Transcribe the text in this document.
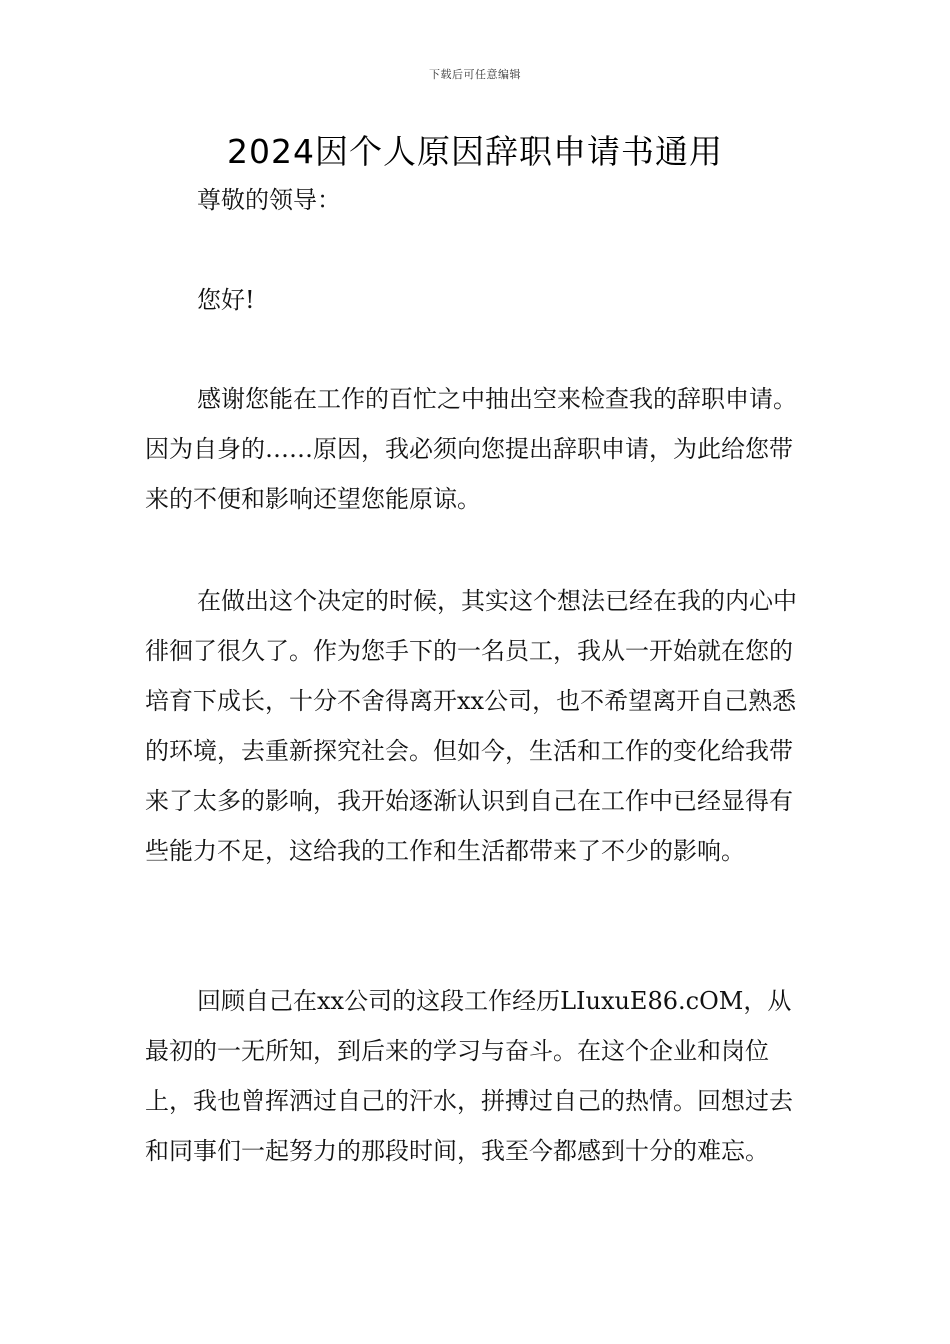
下载后可任意编辑
2024因个人原因辞职申请书通用

尊敬的领导：

您好!

感谢您能在工作的百忙之中抽出空来检查我的辞职申请。因为自身的……原因，我必须向您提出辞职申请，为此给您带来的不便和影响还望您能原谅。

在做出这个决定的时候，其实这个想法已经在我的内心中徘徊了很久了。作为您手下的一名员工，我从一开始就在您的培育下成长，十分不舍得离开xx公司，也不希望离开自己熟悉的环境，去重新探究社会。但如今，生活和工作的变化给我带来了太多的影响，我开始逐渐认识到自己在工作中已经显得有些能力不足，这给我的工作和生活都带来了不少的影响。

回顾自己在xx公司的这段工作经历LIuxuE86.cOM，从最初的一无所知，到后来的学习与奋斗。在这个企业和岗位上，我也曾挥洒过自己的汗水，拼搏过自己的热情。回想过去和同事们一起努力的那段时间，我至今都感到十分的难忘。
